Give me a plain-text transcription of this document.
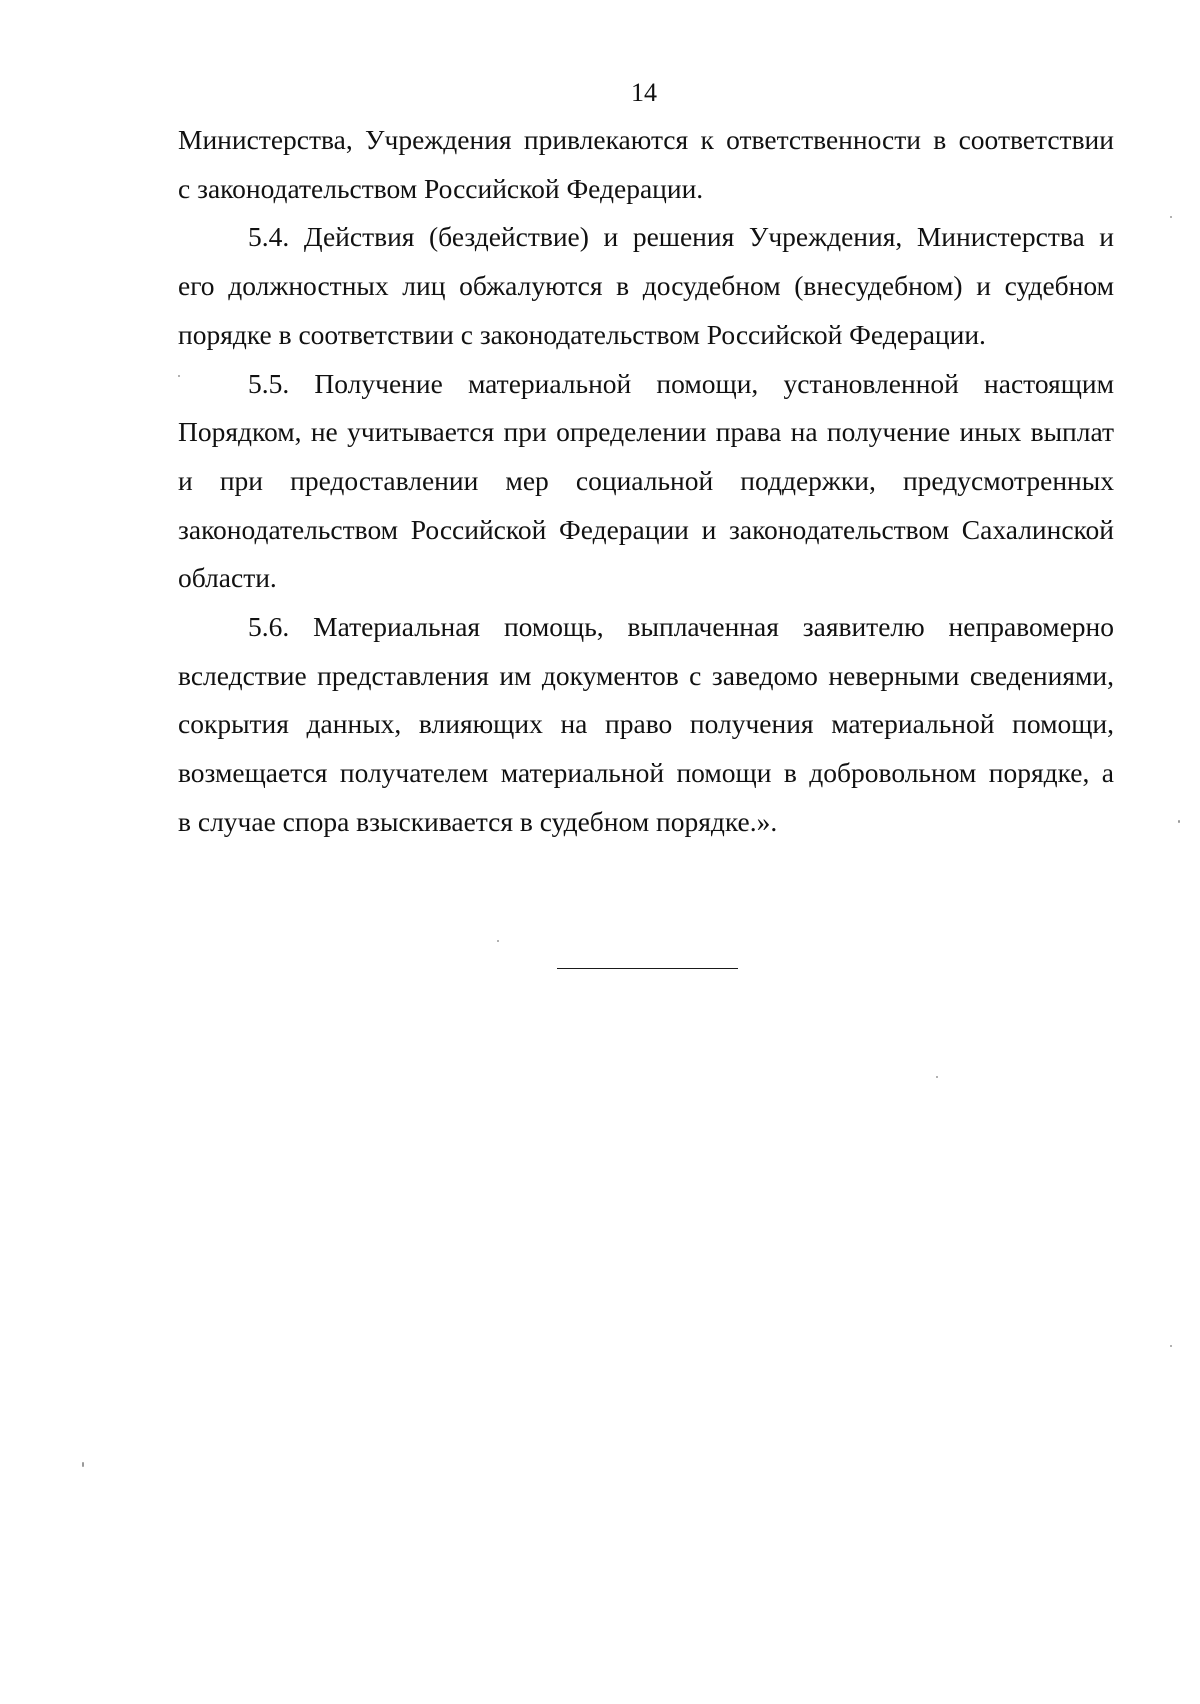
14

Министерства, Учреждения привлекаются к ответственности в соответствии
с законодательством Российской Федерации.

5.4. Действия (бездействие) и решения Учреждения, Министерства и
его должностных лиц обжалуются в досудебном (внесудебном) и судебном
порядке в соответствии с законодательством Российской Федерации.

5.5. Получение материальной помощи, установленной настоящим
Порядком, не учитывается при определении права на получение иных выплат
и при предоставлении мер социальной поддержки, предусмотренных
законодательством Российской Федерации и законодательством Сахалинской
области.

5.6. Материальная помощь, выплаченная заявителю неправомерно
вследствие представления им документов с заведомо неверными сведениями,
сокрытия данных, влияющих на право получения материальной помощи,
возмещается получателем материальной помощи в добровольном порядке, а
в случае спора взыскивается в судебном порядке.».
